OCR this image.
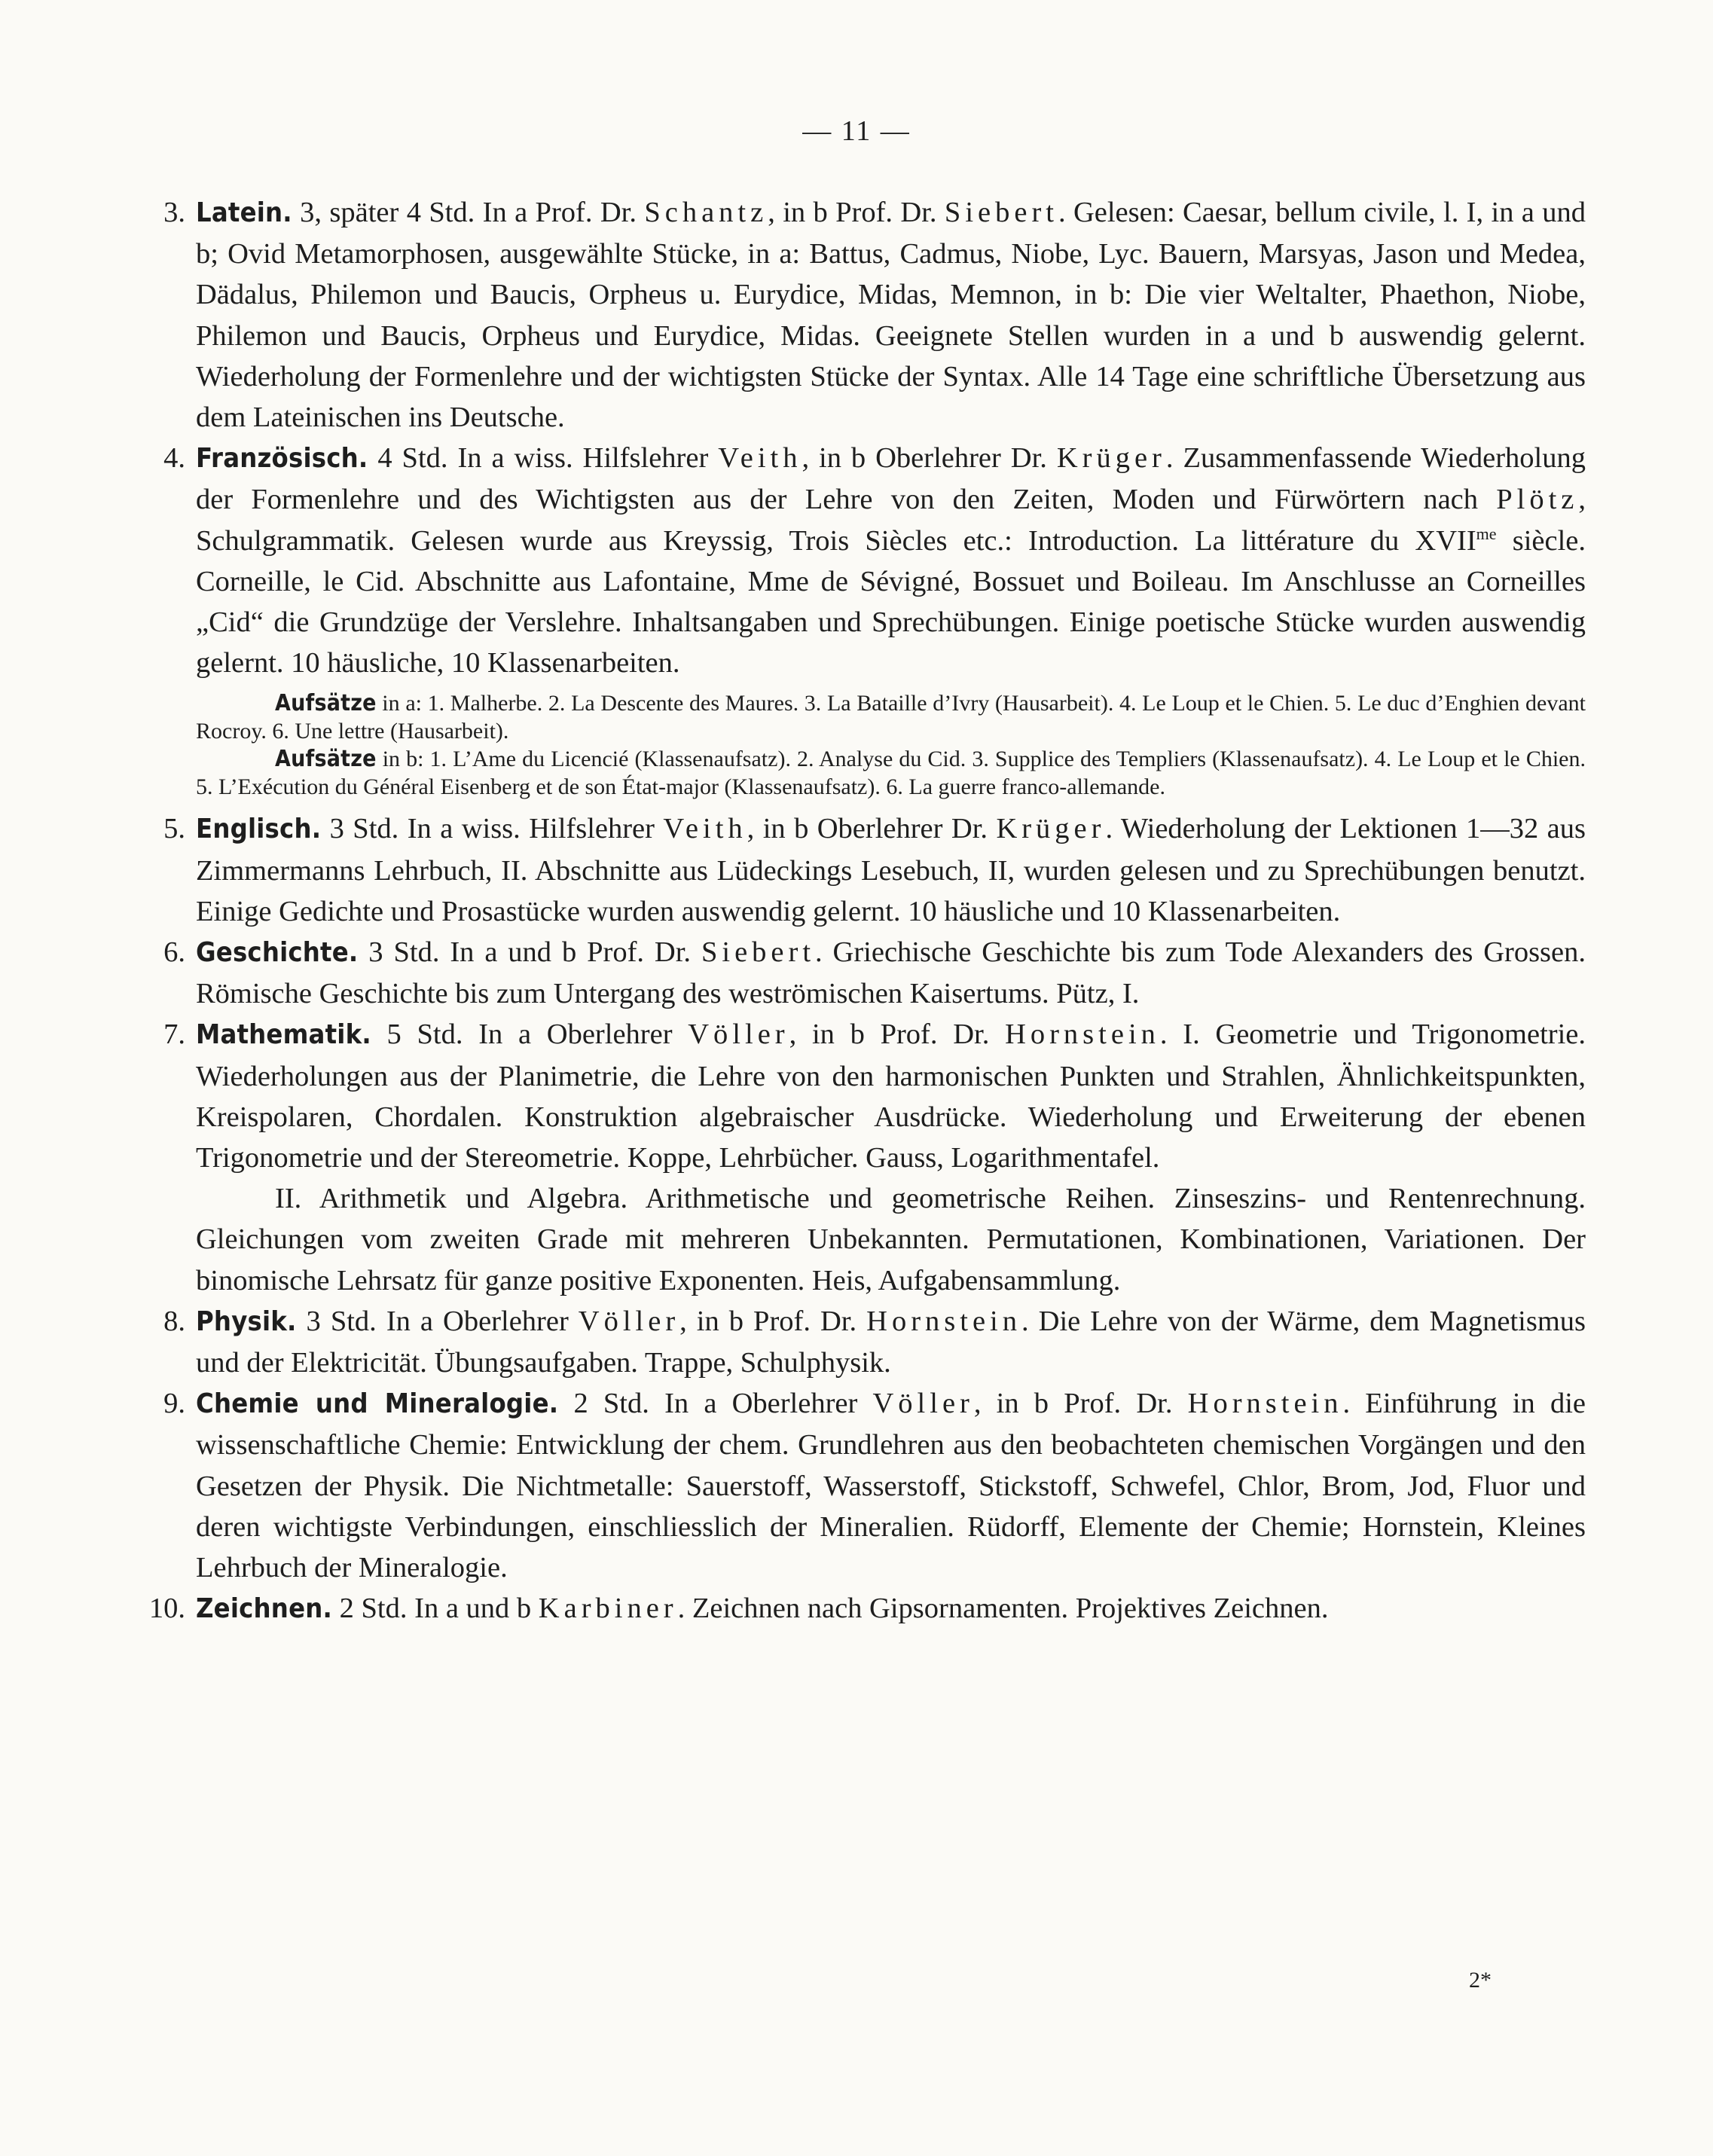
— 11 —
3. Latein. 3, später 4 Std. In a Prof. Dr. Schantz, in b Prof. Dr. Siebert. Gelesen: Caesar, bellum civile, l. I, in a und b; Ovid Metamorphosen, ausgewählte Stücke, in a: Battus, Cadmus, Niobe, Lyc. Bauern, Marsyas, Jason und Medea, Dädalus, Philemon und Baucis, Orpheus u. Eurydice, Midas, Memnon, in b: Die vier Weltalter, Phaethon, Niobe, Philemon und Baucis, Orpheus und Eurydice, Midas. Geeignete Stellen wurden in a und b auswendig gelernt. Wiederholung der Formenlehre und der wichtigsten Stücke der Syntax. Alle 14 Tage eine schriftliche Übersetzung aus dem Lateinischen ins Deutsche.
4. Französisch. 4 Std. In a wiss. Hilfslehrer Veith, in b Oberlehrer Dr. Krüger. Zusammenfassende Wiederholung der Formenlehre und des Wichtigsten aus der Lehre von den Zeiten, Moden und Fürwörtern nach Plötz, Schulgrammatik. Gelesen wurde aus Kreyssig, Trois Siècles etc.: Introduction. La littérature du $XVII^{me}$ siècle. Corneille, le Cid. Abschnitte aus Lafontaine, Mme de Sévigné, Bossuet und Boileau. Im Anschlusse an Corneilles „Cid“ die Grundzüge der Verslehre. Inhaltsangaben und Sprechübungen. Einige poetische Stücke wurden auswendig gelernt. 10 häusliche, 10 Klassenarbeiten.

Aufsätze in a: 1. Malherbe. 2. La Descente des Maures. 3. La Bataille d’Ivry (Hausarbeit). 4. Le Loup et le Chien. 5. Le duc d’Enghien devant Rocroy. 6. Une lettre (Hausarbeit).

Aufsätze in b: 1. L’Ame du Licencié (Klassenaufsatz). 2. Analyse du Cid. 3. Supplice des Templiers (Klassenaufsatz). 4. Le Loup et le Chien. 5. L’Exécution du Général Eisenberg et de son État-major (Klassenaufsatz). 6. La guerre franco-allemande.

5. Englisch. 3 Std. In a wiss. Hilfslehrer Veith, in b Oberlehrer Dr. Krüger. Wiederholung der Lektionen 1—32 aus Zimmermanns Lehrbuch, II. Abschnitte aus Lüdeckings Lesebuch, II, wurden gelesen und zu Sprechübungen benutzt. Einige Gedichte und Prosastücke wurden auswendig gelernt. 10 häusliche und 10 Klassenarbeiten.
6. Geschichte. 3 Std. In a und b Prof. Dr. Siebert. Griechische Geschichte bis zum Tode Alexanders des Grossen. Römische Geschichte bis zum Untergang des weströmischen Kaisertums. Pütz, I.
7. Mathematik. 5 Std. In a Oberlehrer Völler, in b Prof. Dr. Hornstein. I. Geometrie und Trigonometrie. Wiederholungen aus der Planimetrie, die Lehre von den harmonischen Punkten und Strahlen, Ähnlichkeitspunkten, Kreispolaren, Chordalen. Konstruktion algebraischer Ausdrücke. Wiederholung und Erweiterung der ebenen Trigonometrie und der Stereometrie. Koppe, Lehrbücher. Gauss, Logarithmentafel.

II. Arithmetik und Algebra. Arithmetische und geometrische Reihen. Zinseszins- und Rentenrechnung. Gleichungen vom zweiten Grade mit mehreren Unbekannten. Permutationen, Kombinationen, Variationen. Der binomische Lehrsatz für ganze positive Exponenten. Heis, Aufgabensammlung.

8. Physik. 3 Std. In a Oberlehrer Völler, in b Prof. Dr. Hornstein. Die Lehre von der Wärme, dem Magnetismus und der Elektricität. Übungsaufgaben. Trappe, Schulphysik.
9. Chemie und Mineralogie. 2 Std. In a Oberlehrer Völler, in b Prof. Dr. Hornstein. Einführung in die wissenschaftliche Chemie: Entwicklung der chem. Grundlehren aus den beobachteten chemischen Vorgängen und den Gesetzen der Physik. Die Nichtmetalle: Sauerstoff, Wasserstoff, Stickstoff, Schwefel, Chlor, Brom, Jod, Fluor und deren wichtigste Verbindungen, einschliesslich der Mineralien. Rüdorff, Elemente der Chemie; Hornstein, Kleines Lehrbuch der Mineralogie.
10. Zeichnen. 2 Std. In a und b Karbiner. Zeichnen nach Gipsornamenten. Projektives Zeichnen.
2*
